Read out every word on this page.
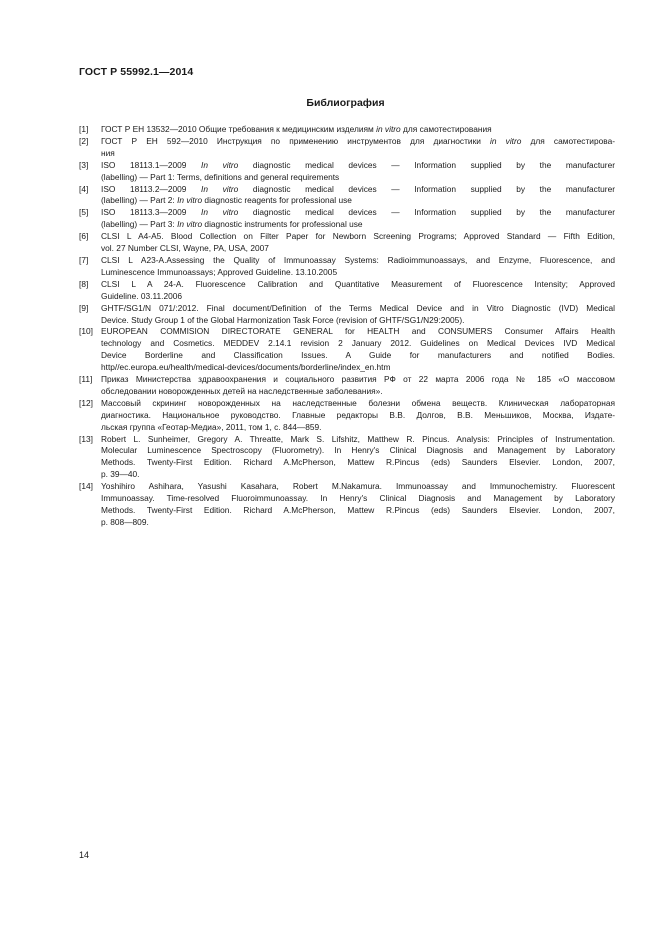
ГОСТ Р 55992.1—2014
Библиография
[1]	ГОСТ Р ЕН 13532—2010 Общие требования к медицинским изделиям in vitro для самотестирования
[2]	ГОСТ Р ЕН 592—2010 Инструкция по применению инструментов для диагностики in vitro для самотестирова-
ния
[3]	ISO 18113.1—2009 In vitro diagnostic medical devices — Information supplied by the manufacturer
(labelling) — Part 1: Terms, definitions and general requirements
[4]	ISO 18113.2—2009 In vitro diagnostic medical devices — Information supplied by the manufacturer
(labelling) — Part 2: In vitro diagnostic reagents for professional use
[5]	ISO 18113.3—2009 In vitro diagnostic medical devices — Information supplied by the manufacturer
(labelling) — Part 3: In vitro diagnostic instruments for professional use
[6]	CLSI L A4-A5. Blood Collection on Filter Paper for Newborn Screening Programs; Approved Standard — Fifth Edition,
vol. 27 Number CLSI, Wayne, PA, USA, 2007
[7]	CLSI L A23-A.Assessing the Quality of Immunoassay Systems: Radioimmunoassays, and Enzyme, Fluorescence, and
Luminescence Immunoassays; Approved Guideline. 13.10.2005
[8]	CLSI L A 24-A. Fluorescence Calibration and Quantitative Measurement of Fluorescence Intensity; Approved
Guideline. 03.11.2006
[9]	GHTF/SG1/N 071/:2012. Final document/Definition of the Terms Medical Device and in Vitro Diagnostic (IVD) Medical
Device. Study Group 1 of the Global Harmonization Task Force (revision of GHTF/SG1/N29:2005).
[10] EUROPEAN COMMISION DIRECTORATE GENERAL for HEALTH and CONSUMERS Consumer Affairs Health
technology and Cosmetics. MEDDEV 2.14.1 revision 2 January 2012. Guidelines on Medical Devices IVD Medical
Device Borderline and Classification Issues. A Guide for manufacturers and notified Bodies.
http//ec.europa.eu/health/medical-devices/documents/borderline/index_en.htm
[11]	Приказ Министерства здравоохранения и социального развития РФ от 22 марта 2006 года № 185 «О массовом
обследовании новорожденных детей на наследственные заболевания».
[12] Массовый скрининг новорожденных на наследственные болезни обмена веществ. Клиническая лабораторная
диагностика. Национальное руководство. Главные редакторы В.В. Долгов, В.В. Меньшиков, Москва, Издате-
льская группа «Геотар-Медиа», 2011, том 1, с. 844—859.
[13] Robert L. Sunheimer, Gregory A. Threatte, Mark S. Lifshitz, Matthew R. Pincus. Analysis: Principles of Instrumentation.
Molecular Luminescence Spectroscopy (Fluorometry). In Henry's Clinical Diagnosis and Management by Laboratory
Methods. Twenty-First Edition. Richard A.McPherson, Mattew R.Pincus (eds) Saunders Elsevier. London, 2007,
p. 39—40.
[14] Yoshihiro Ashihara, Yasushi Kasahara, Robert M.Nakamura. Immunoassay and Immunochemistry. Fluorescent
Immunoassay. Time-resolved Fluoroimmunoassay. In Henry's Clinical Diagnosis and Management by Laboratory
Methods. Twenty-First Edition. Richard A.McPherson, Mattew R.Pincus (eds) Saunders Elsevier. London, 2007,
p. 808—809.
14
